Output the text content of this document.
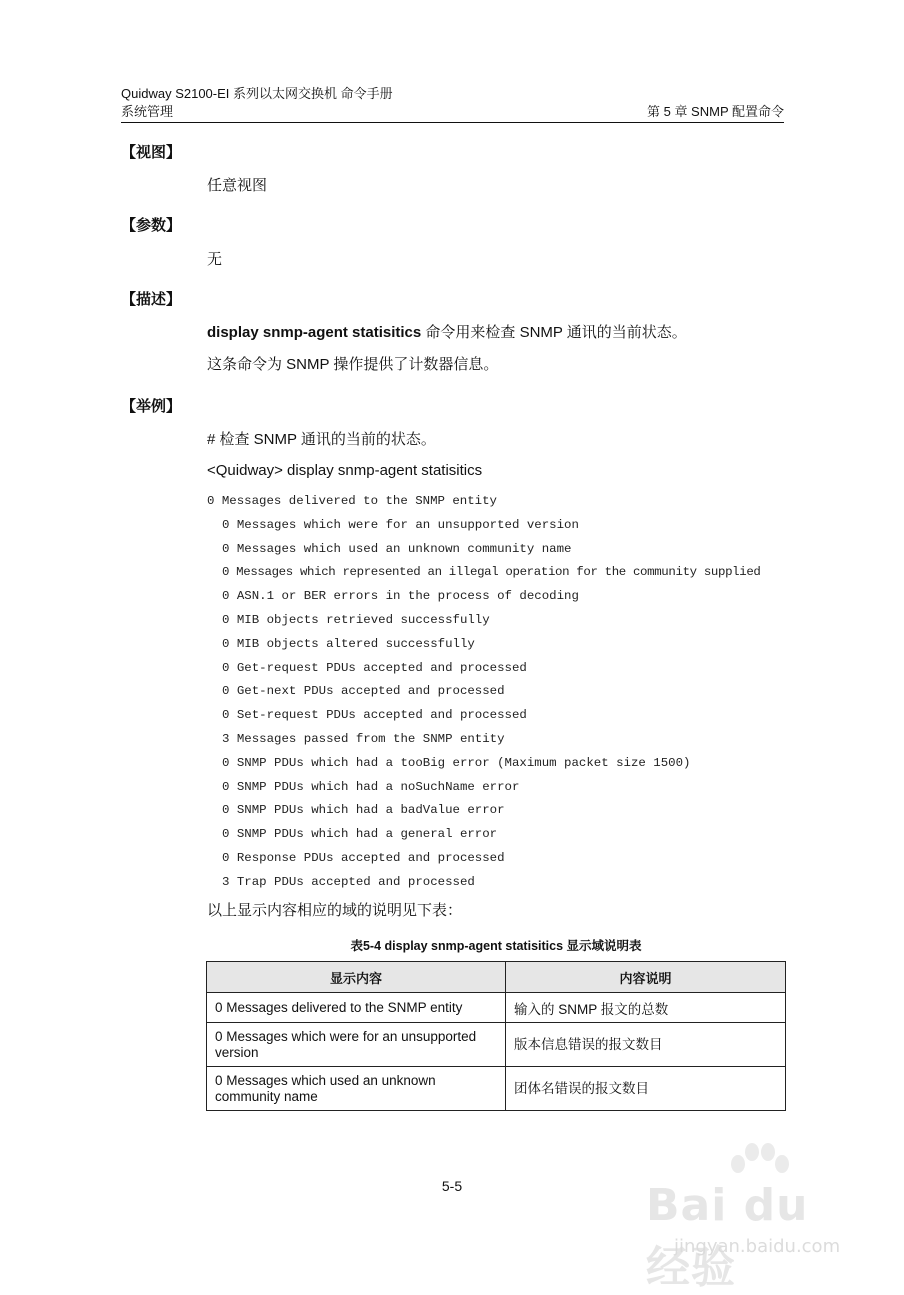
Quidway S2100-EI 系列以太网交换机 命令手册
系统管理	第 5 章 SNMP 配置命令
【视图】
任意视图
【参数】
无
【描述】
display snmp-agent statisitics 命令用来检查 SNMP 通讯的当前状态。
这条命令为 SNMP 操作提供了计数器信息。
【举例】
# 检查 SNMP 通讯的当前的状态。
<Quidway> display snmp-agent statisitics
0 Messages delivered to the SNMP entity
0 Messages which were for an unsupported version
0 Messages which used an unknown community name
0 Messages which represented an illegal operation for the community supplied
0 ASN.1 or BER errors in the process of decoding
0 MIB objects retrieved successfully
0 MIB objects altered successfully
0 Get-request PDUs accepted and processed
0 Get-next PDUs accepted and processed
0 Set-request PDUs accepted and processed
3 Messages passed from the SNMP entity
0 SNMP PDUs which had a tooBig error (Maximum packet size 1500)
0 SNMP PDUs which had a noSuchName error
0 SNMP PDUs which had a badValue error
0 SNMP PDUs which had a general error
0 Response PDUs accepted and processed
3 Trap PDUs accepted and processed
以上显示内容相应的域的说明见下表：
表5-4 display snmp-agent statisitics 显示域说明表
显示内容	内容说明
0 Messages delivered to the SNMP entity	输入的 SNMP 报文的总数
0 Messages which were for an unsupported version	版本信息错误的报文数目
0 Messages which used an unknown community name	团体名错误的报文数目
5-5	Bai du 经验
jingyan.baidu.com
